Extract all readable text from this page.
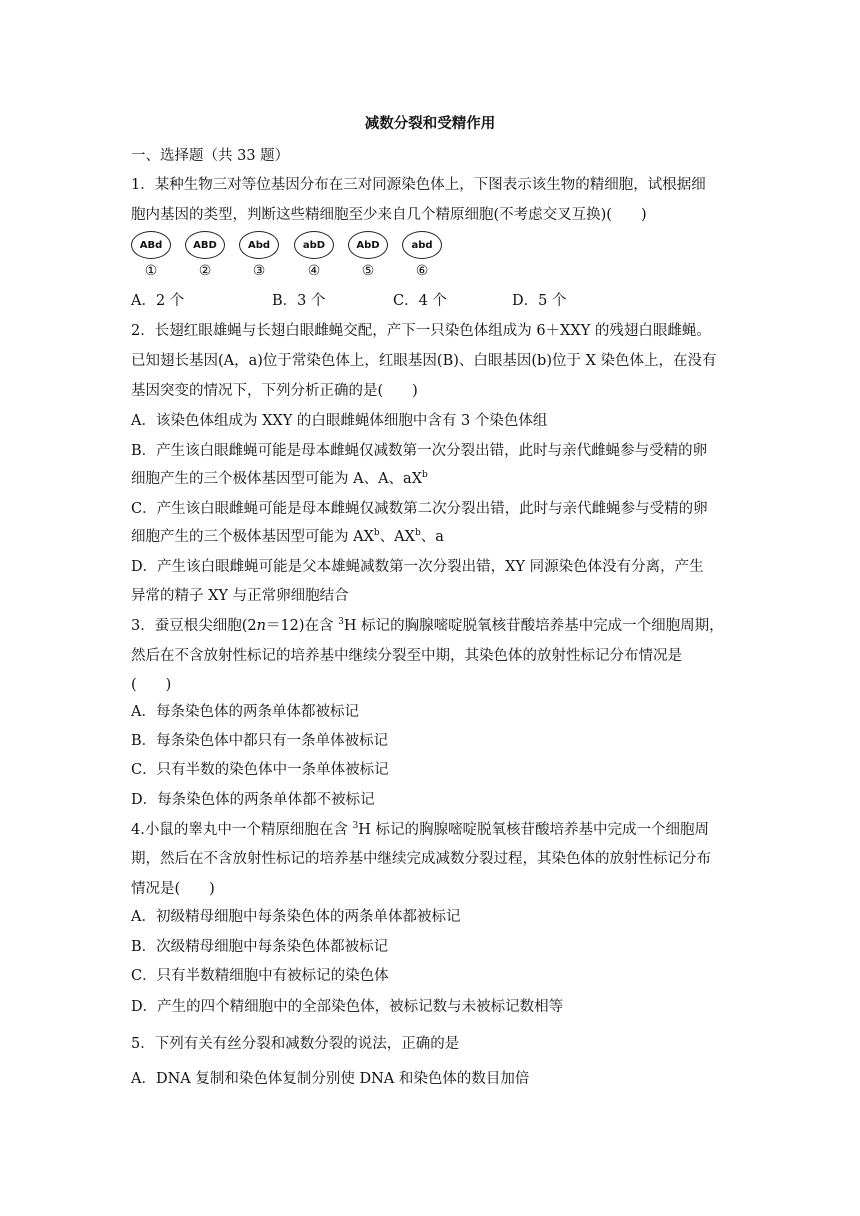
减数分裂和受精作用
一、选择题（共 33 题）
1．某种生物三对等位基因分布在三对同源染色体上，下图表示该生物的精细胞，试根据细
胞内基因的类型，判断这些精细胞至少来自几个精原细胞(不考虑交叉互换)(　　)
ABd
①
ABD
②
Abd
③
abD
④
AbD
⑤
abd
⑥
A．2 个	B．3 个	C．4 个	D．5 个
2．长翅红眼雄蝇与长翅白眼雌蝇交配，产下一只染色体组成为 6＋XXY 的残翅白眼雌蝇。
已知翅长基因(A，a)位于常染色体上，红眼基因(B)、白眼基因(b)位于 X 染色体上，在没有
基因突变的情况下，下列分析正确的是(　　)
A．该染色体组成为 XXY 的白眼雌蝇体细胞中含有 3 个染色体组
B．产生该白眼雌蝇可能是母本雌蝇仅减数第一次分裂出错，此时与亲代雌蝇参与受精的卵
细胞产生的三个极体基因型可能为 A、A、$aX^b$
C．产生该白眼雌蝇可能是母本雌蝇仅减数第二次分裂出错，此时与亲代雌蝇参与受精的卵
细胞产生的三个极体基因型可能为 $AX^b$、$AX^b$、a
D．产生该白眼雌蝇可能是父本雄蝇减数第一次分裂出错，XY 同源染色体没有分离，产生
异常的精子 XY 与正常卵细胞结合
3．蚕豆根尖细胞(2n＝12)在含 $^3$H 标记的胸腺嘧啶脱氧核苷酸培养基中完成一个细胞周期，
然后在不含放射性标记的培养基中继续分裂至中期，其染色体的放射性标记分布情况是
(　　)
A．每条染色体的两条单体都被标记
B．每条染色体中都只有一条单体被标记
C．只有半数的染色体中一条单体被标记
D．每条染色体的两条单体都不被标记
4.小鼠的睾丸中一个精原细胞在含 $^3$H 标记的胸腺嘧啶脱氧核苷酸培养基中完成一个细胞周
期，然后在不含放射性标记的培养基中继续完成减数分裂过程，其染色体的放射性标记分布
情况是(　　)
A．初级精母细胞中每条染色体的两条单体都被标记
B．次级精母细胞中每条染色体都被标记
C．只有半数精细胞中有被标记的染色体
D．产生的四个精细胞中的全部染色体，被标记数与未被标记数相等
5．下列有关有丝分裂和减数分裂的说法，正确的是
A．DNA 复制和染色体复制分别使 DNA 和染色体的数目加倍
